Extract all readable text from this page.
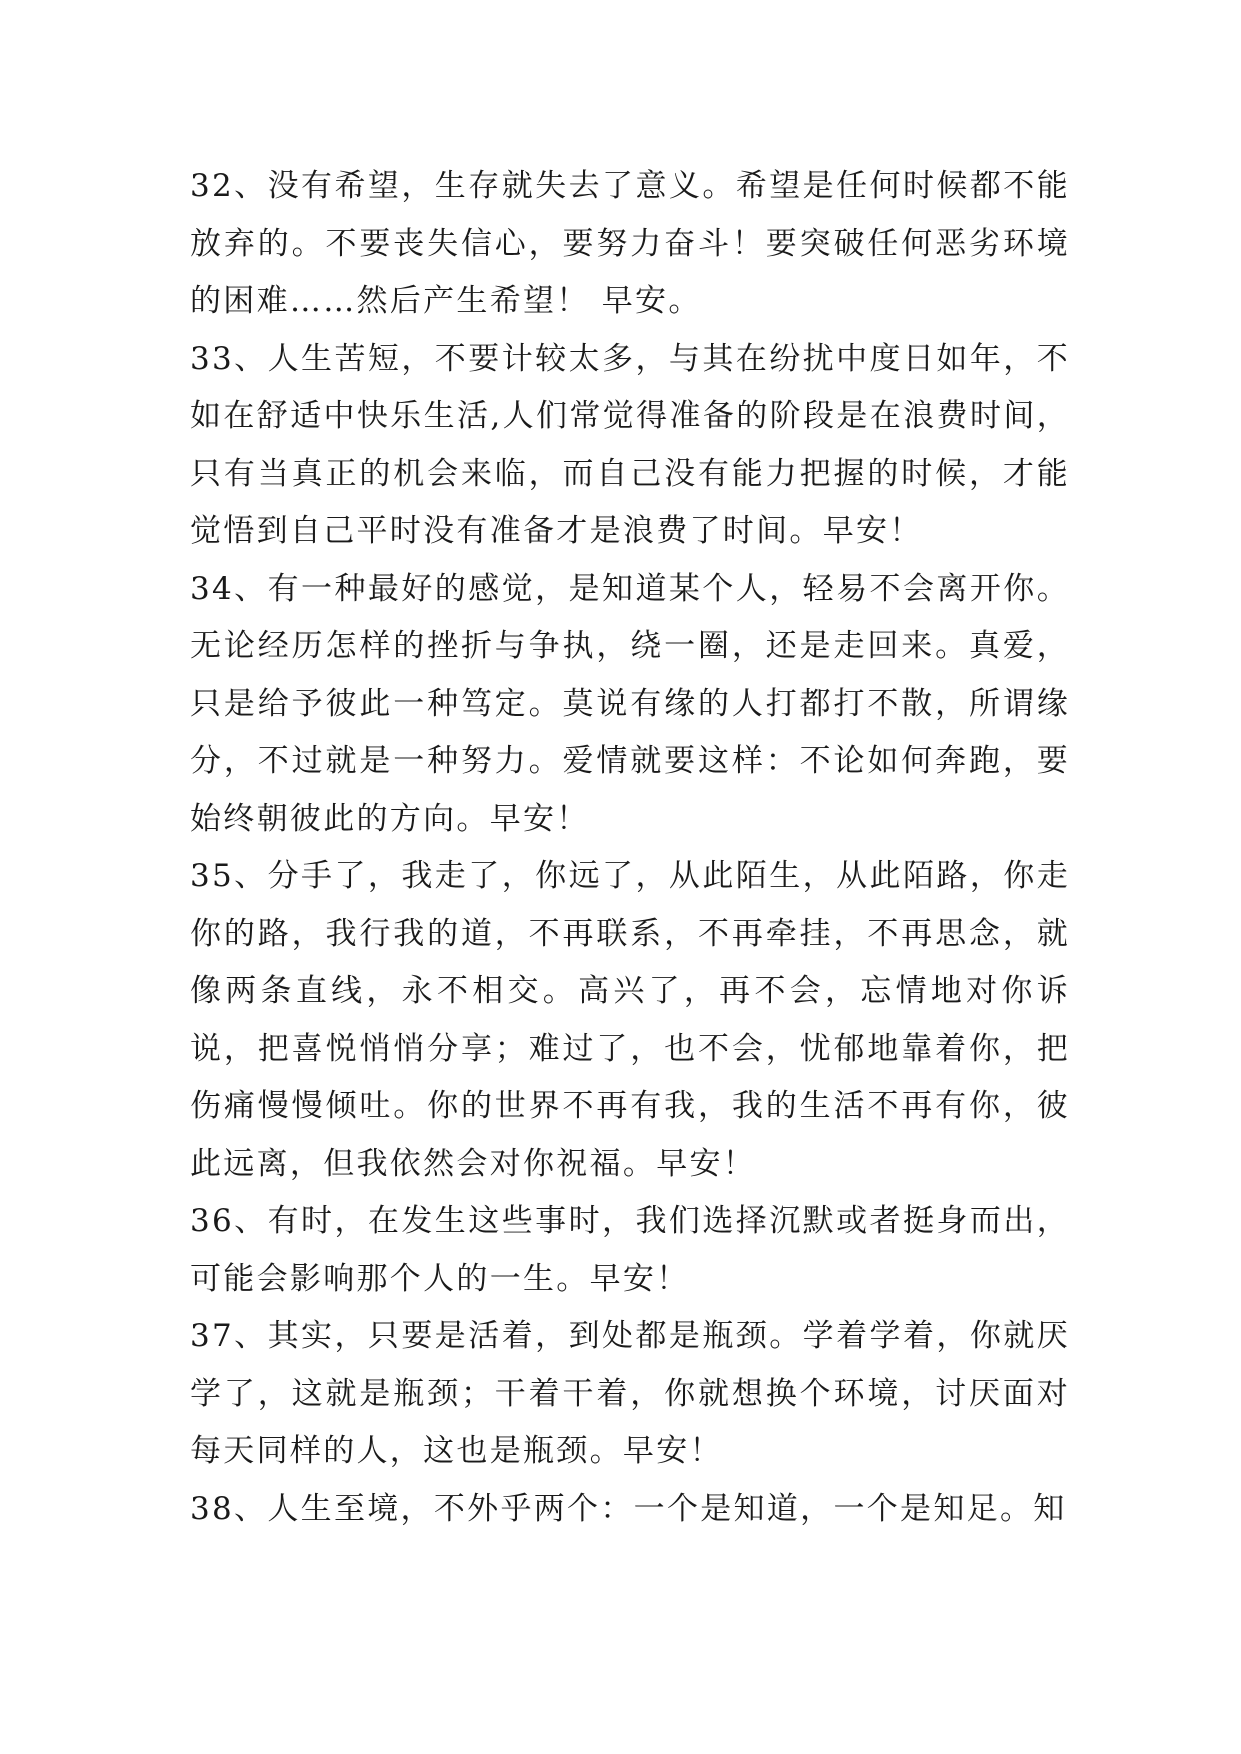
32、没有希望，生存就失去了意义。希望是任何时候都不能放弃的。不要丧失信心，要努力奋斗！要突破任何恶劣环境的困难……然后产生希望！ 早安。

33、人生苦短，不要计较太多，与其在纷扰中度日如年，不如在舒适中快乐生活,人们常觉得准备的阶段是在浪费时间，只有当真正的机会来临，而自己没有能力把握的时候，才能觉悟到自己平时没有准备才是浪费了时间。早安！

34、有一种最好的感觉，是知道某个人，轻易不会离开你。无论经历怎样的挫折与争执，绕一圈，还是走回来。真爱，只是给予彼此一种笃定。莫说有缘的人打都打不散，所谓缘分，不过就是一种努力。爱情就要这样：不论如何奔跑，要始终朝彼此的方向。早安！

35、分手了，我走了，你远了，从此陌生，从此陌路，你走你的路，我行我的道，不再联系，不再牵挂，不再思念，就像两条直线，永不相交。高兴了，再不会，忘情地对你诉说，把喜悦悄悄分享；难过了，也不会，忧郁地靠着你，把伤痛慢慢倾吐。你的世界不再有我，我的生活不再有你，彼此远离，但我依然会对你祝福。早安！

36、有时，在发生这些事时，我们选择沉默或者挺身而出，可能会影响那个人的一生。早安！

37、其实，只要是活着，到处都是瓶颈。学着学着，你就厌学了，这就是瓶颈；干着干着，你就想换个环境，讨厌面对每天同样的人，这也是瓶颈。早安！

38、人生至境，不外乎两个：一个是知道，一个是知足。知
